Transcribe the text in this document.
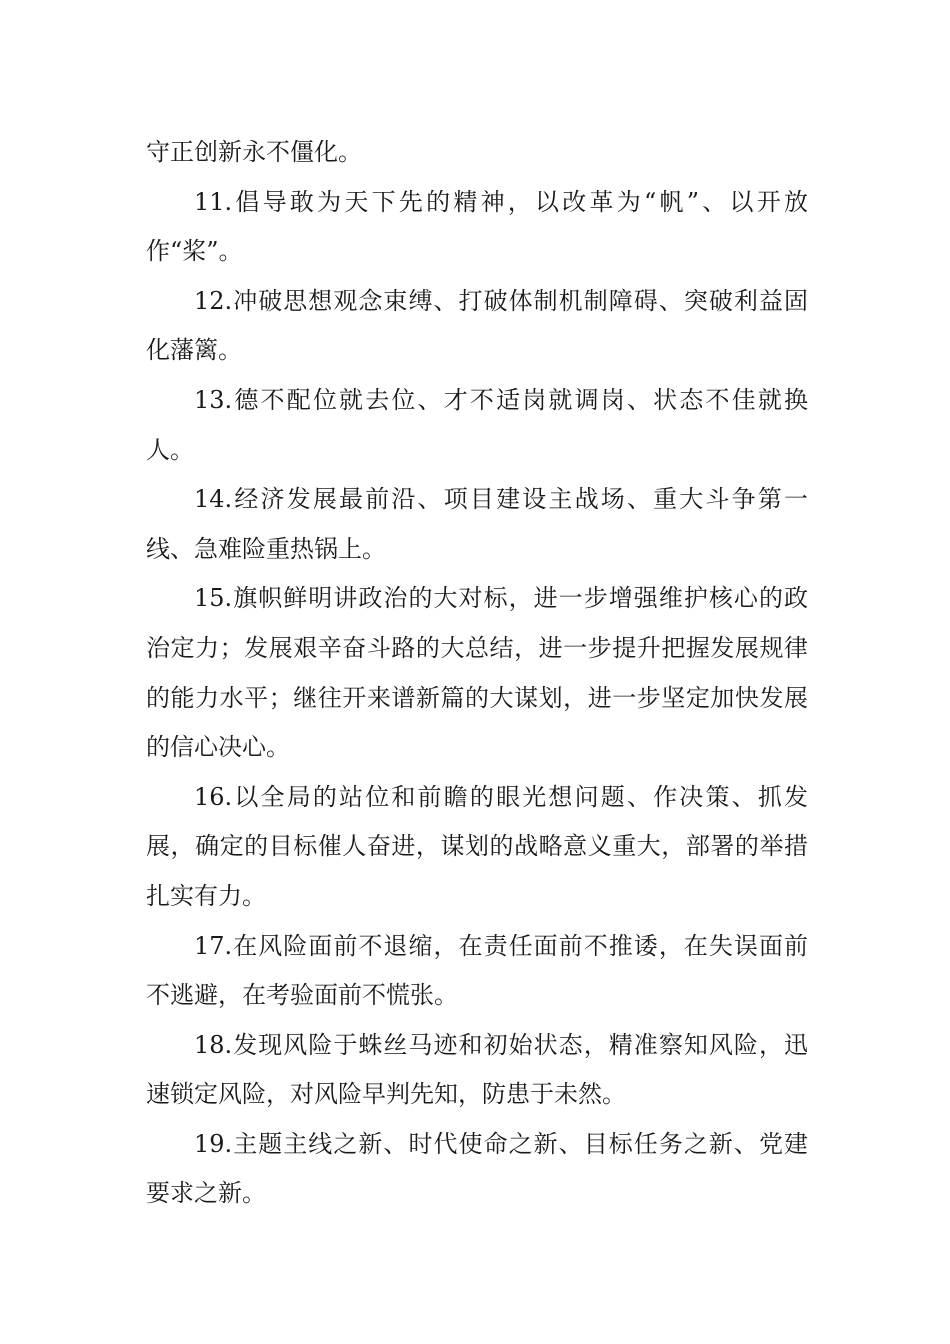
守正创新永不僵化。

11.倡导敢为天下先的精神，以改革为“帆”、以开放作“桨”。

12.冲破思想观念束缚、打破体制机制障碍、突破利益固化藩篱。

13.德不配位就去位、才不适岗就调岗、状态不佳就换人。

14.经济发展最前沿、项目建设主战场、重大斗争第一线、急难险重热锅上。

15.旗帜鲜明讲政治的大对标，进一步增强维护核心的政治定力；发展艰辛奋斗路的大总结，进一步提升把握发展规律的能力水平；继往开来谱新篇的大谋划，进一步坚定加快发展的信心决心。

16.以全局的站位和前瞻的眼光想问题、作决策、抓发展，确定的目标催人奋进，谋划的战略意义重大，部署的举措扎实有力。

17.在风险面前不退缩，在责任面前不推诿，在失误面前不逃避，在考验面前不慌张。

18.发现风险于蛛丝马迹和初始状态，精准察知风险，迅速锁定风险，对风险早判先知，防患于未然。

19.主题主线之新、时代使命之新、目标任务之新、党建要求之新。
